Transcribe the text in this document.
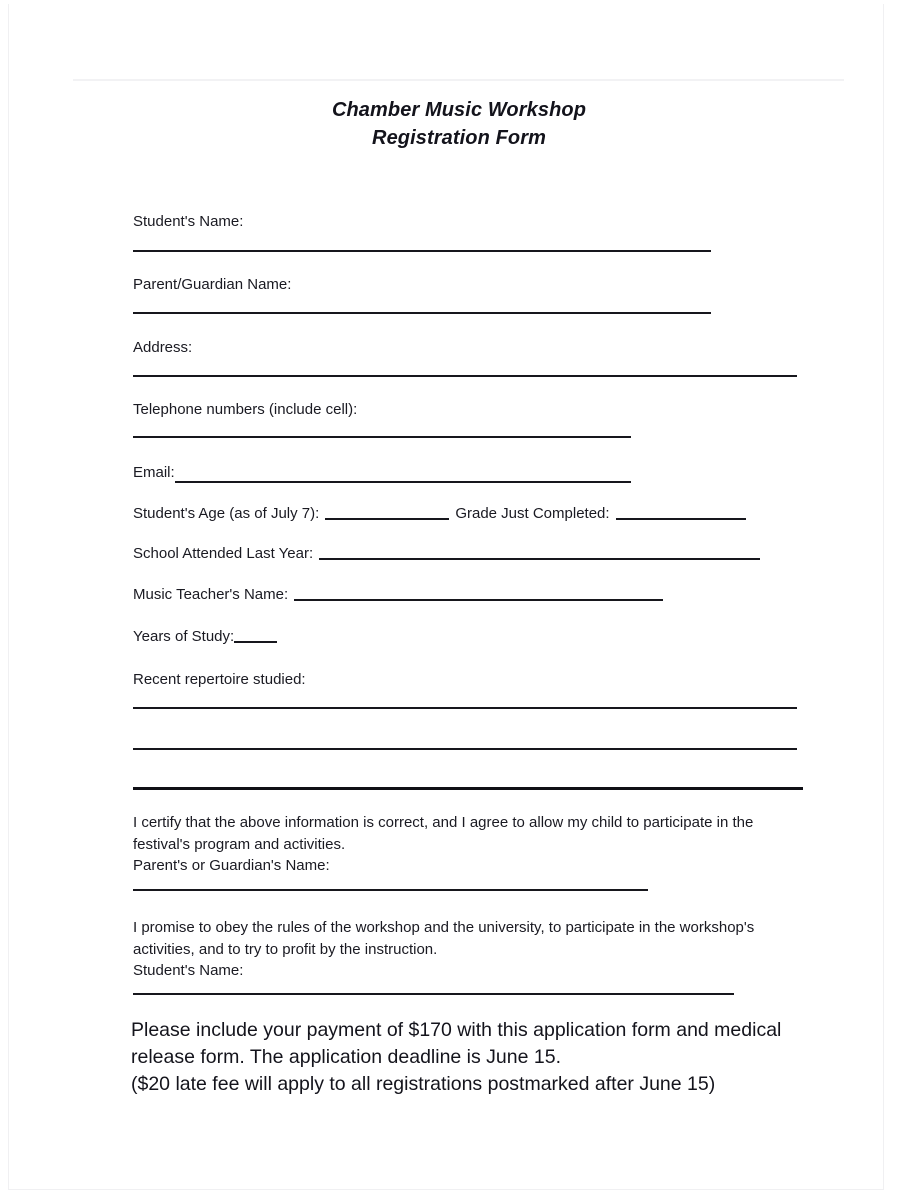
Chamber Music Workshop
Registration Form
Student's Name:
Parent/Guardian Name:
Address:
Telephone numbers (include cell):
Email:
Student's Age (as of July 7):	Grade Just Completed:
School Attended Last Year:
Music Teacher's Name:
Years of Study:
Recent repertoire studied:
I certify that the above information is correct, and I agree to allow my child to participate in the
festival's program and activities.
Parent's or Guardian's Name:
I promise to obey the rules of the workshop and the university, to participate in the workshop's
activities, and to try to profit by the instruction.
Student's Name:
Please include your payment of $170 with this application form and medical
release form. The application deadline is June 15.
($20 late fee will apply to all registrations postmarked after June 15)
